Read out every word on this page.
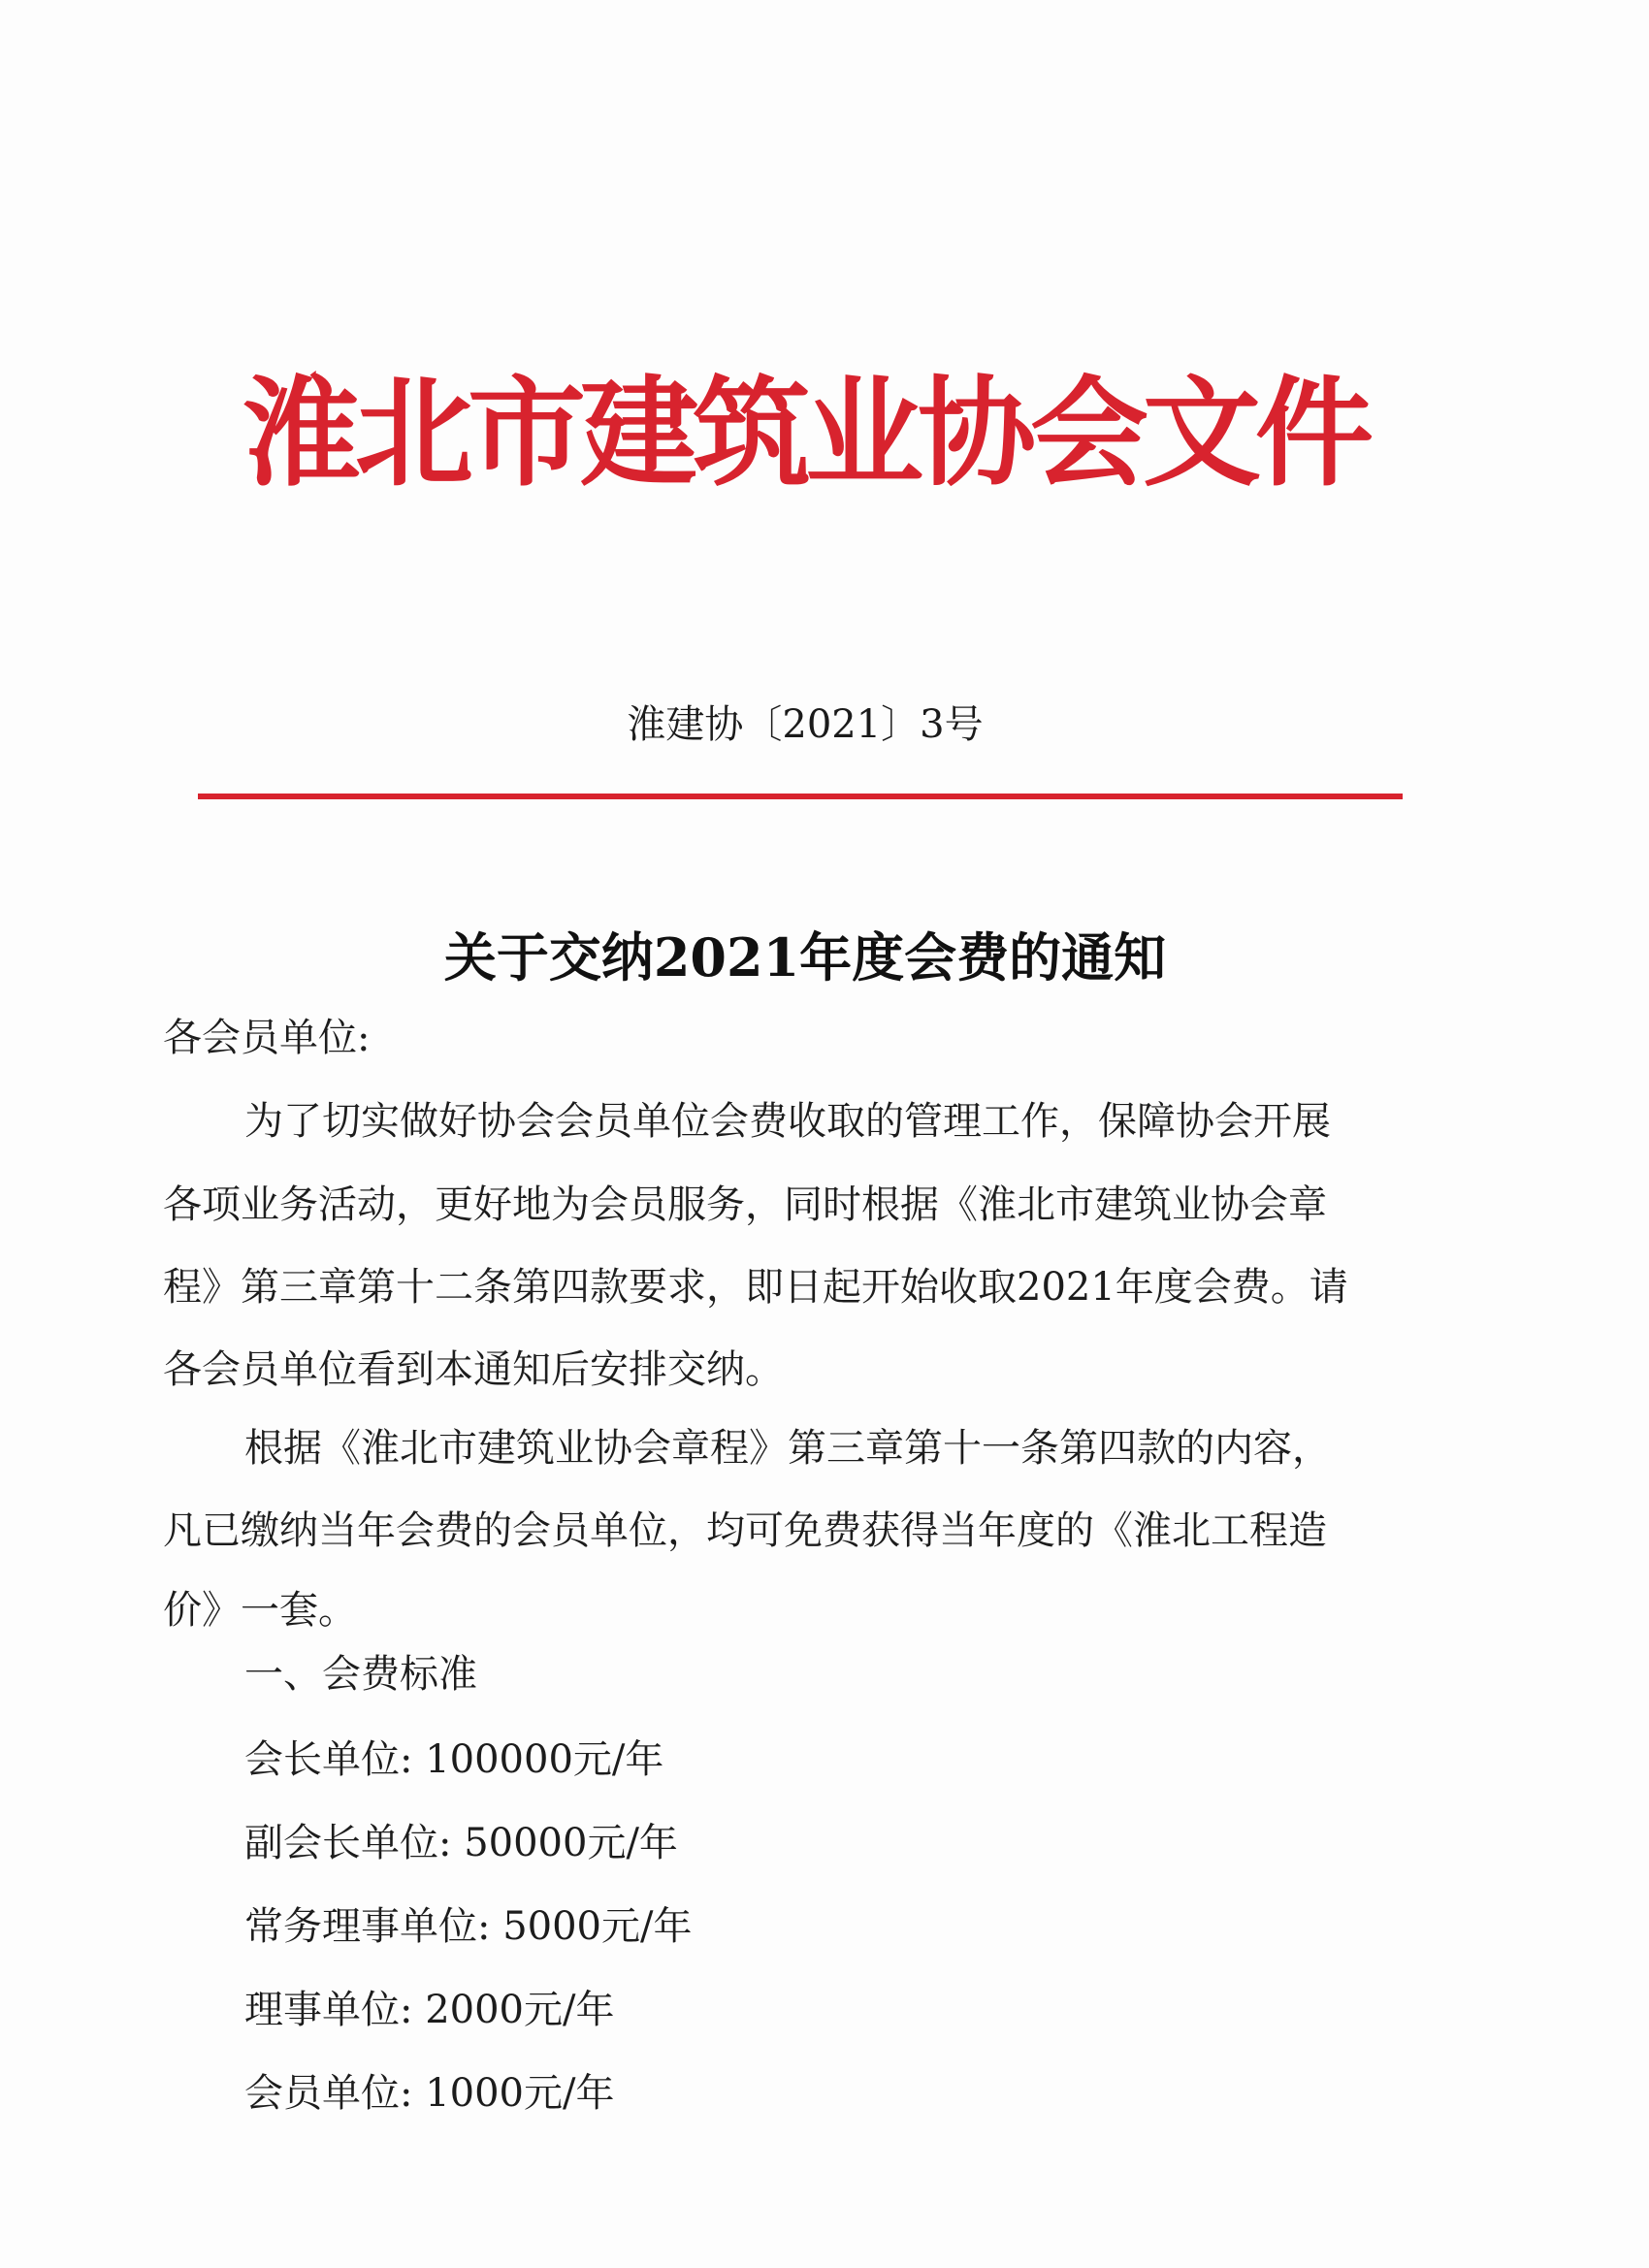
淮北市建筑业协会文件
淮建协〔2021〕3号
关于交纳2021年度会费的通知
各会员单位:
为了切实做好协会会员单位会费收取的管理工作，保障协会开展
各项业务活动，更好地为会员服务，同时根据《淮北市建筑业协会章
程》第三章第十二条第四款要求，即日起开始收取2021年度会费。请
各会员单位看到本通知后安排交纳。
根据《淮北市建筑业协会章程》第三章第十一条第四款的内容，
凡已缴纳当年会费的会员单位，均可免费获得当年度的《淮北工程造
价》一套。
一、会费标准
会长单位: 100000元/年
副会长单位: 50000元/年
常务理事单位: 5000元/年
理事单位: 2000元/年
会员单位: 1000元/年
